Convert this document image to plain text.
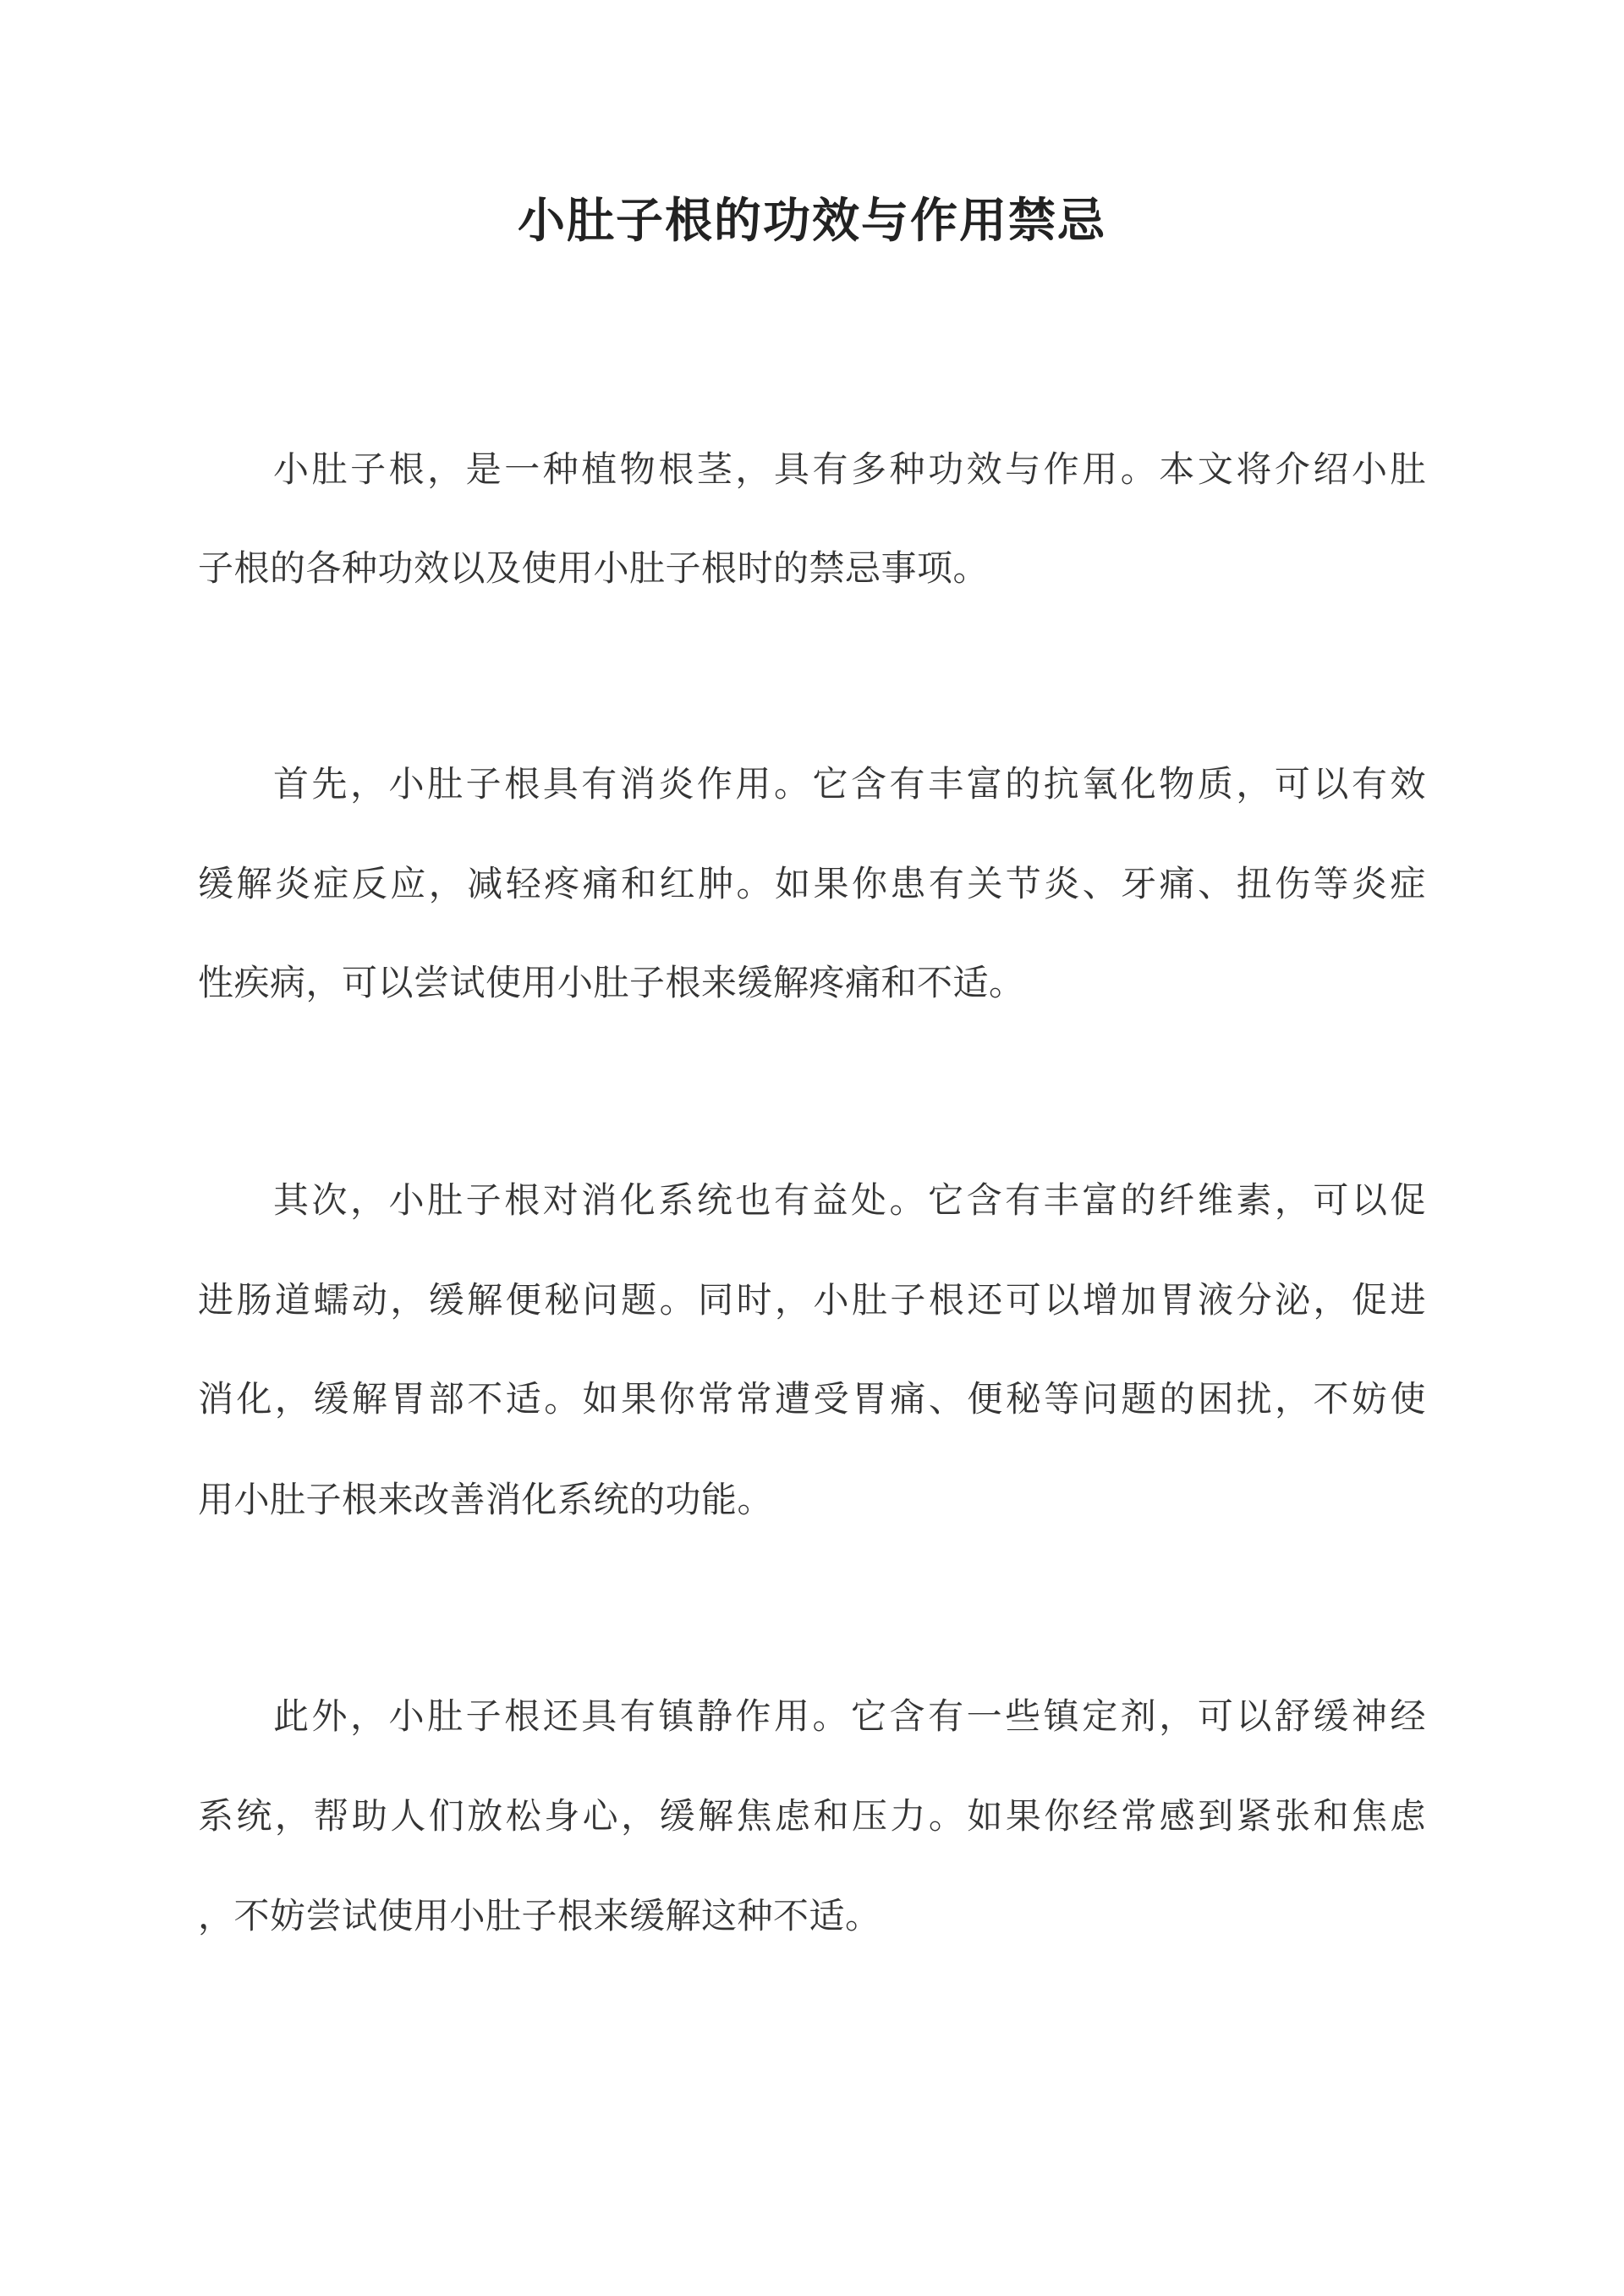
小肚子根的功效与作用禁忌

小肚子根，是一种植物根茎，具有多种功效与作用。本文将介绍小肚

子根的各种功效以及使用小肚子根时的禁忌事项。

首先，小肚子根具有消炎作用。它含有丰富的抗氧化物质，可以有效

缓解炎症反应，减轻疼痛和红肿。如果你患有关节炎、牙痛、扭伤等炎症

性疾病，可以尝试使用小肚子根来缓解疼痛和不适。

其次，小肚子根对消化系统也有益处。它含有丰富的纤维素，可以促

进肠道蠕动，缓解便秘问题。同时，小肚子根还可以增加胃液分泌，促进

消化，缓解胃部不适。如果你常常遭受胃痛、便秘等问题的困扰，不妨使

用小肚子根来改善消化系统的功能。

此外，小肚子根还具有镇静作用。它含有一些镇定剂，可以舒缓神经

系统，帮助人们放松身心，缓解焦虑和压力。如果你经常感到紧张和焦虑

，不妨尝试使用小肚子根来缓解这种不适。
